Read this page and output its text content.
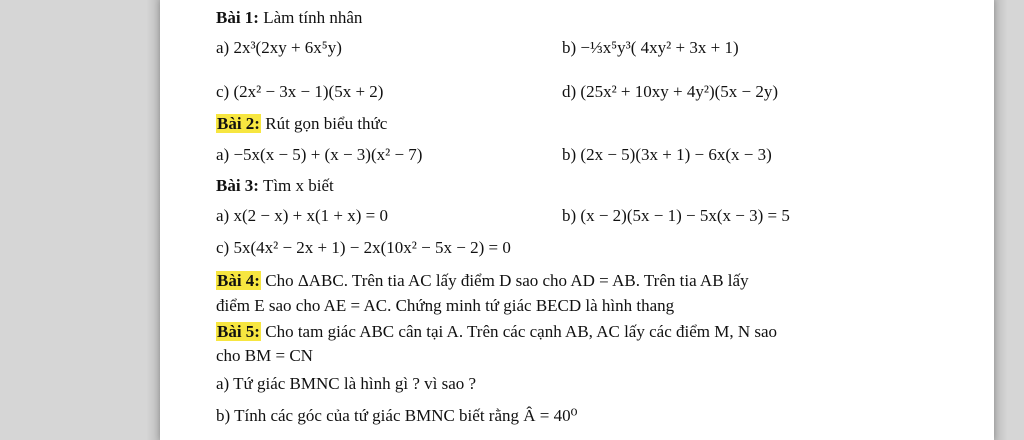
Bài 1: Làm tính nhân
a) 2x³(2xy + 6x⁵y)	b) −⅓x⁵y³( 4xy² + 3x + 1)
c) (2x² − 3x − 1)(5x + 2)	d) (25x² + 10xy + 4y²)(5x − 2y)
Bài 2: Rút gọn biểu thức
a) −5x(x − 5) + (x − 3)(x² − 7)	b) (2x − 5)(3x + 1) − 6x(x − 3)
Bài 3: Tìm x biết
a) x(2 − x) + x(1 + x) = 0	b) (x − 2)(5x − 1) − 5x(x − 3) = 5
c) 5x(4x² − 2x + 1) − 2x(10x² − 5x − 2) = 0
Bài 4: Cho ΔABC. Trên tia AC lấy điểm D sao cho AD = AB. Trên tia AB lấy
điểm E sao cho AE = AC. Chứng minh tứ giác BECD là hình thang
Bài 5: Cho tam giác ABC cân tại A. Trên các cạnh AB, AC lấy các điểm M, N sao
cho BM = CN
a) Tứ giác BMNC là hình gì ? vì sao ?
b) Tính các góc của tứ giác BMNC biết rằng Â = 40⁰
